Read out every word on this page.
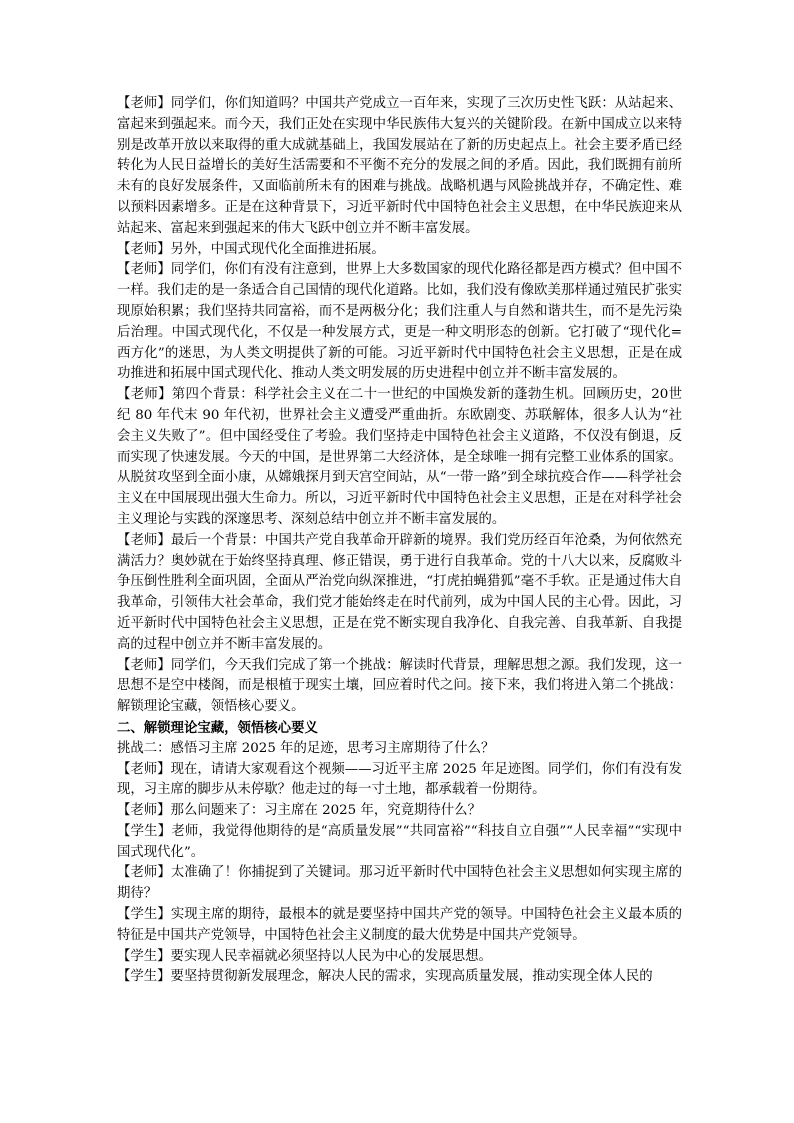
【老师】同学们，你们知道吗？中国共产党成立一百年来，实现了三次历史性飞跃：从站起来、富起来到强起来。而今天，我们正处在实现中华民族伟大复兴的关键阶段。在新中国成立以来特别是改革开放以来取得的重大成就基础上，我国发展站在了新的历史起点上。社会主要矛盾已经转化为人民日益增长的美好生活需要和不平衡不充分的发展之间的矛盾。因此，我们既拥有前所未有的良好发展条件，又面临前所未有的困难与挑战。战略机遇与风险挑战并存，不确定性、难以预料因素增多。正是在这种背景下，习近平新时代中国特色社会主义思想，在中华民族迎来从站起来、富起来到强起来的伟大飞跃中创立并不断丰富发展。

【老师】另外，中国式现代化全面推进拓展。

【老师】同学们，你们有没有注意到，世界上大多数国家的现代化路径都是西方模式？但中国不一样。我们走的是一条适合自己国情的现代化道路。比如，我们没有像欧美那样通过殖民扩张实现原始积累；我们坚持共同富裕，而不是两极分化；我们注重人与自然和谐共生，而不是先污染后治理。中国式现代化，不仅是一种发展方式，更是一种文明形态的创新。它打破了“现代化=西方化”的迷思，为人类文明提供了新的可能。习近平新时代中国特色社会主义思想，正是在成功推进和拓展中国式现代化、推动人类文明发展的历史进程中创立并不断丰富发展的。

【老师】第四个背景：科学社会主义在二十一世纪的中国焕发新的蓬勃生机。回顾历史，20世纪 80 年代末 90 年代初，世界社会主义遭受严重曲折。东欧剧变、苏联解体，很多人认为“社会主义失败了”。但中国经受住了考验。我们坚持走中国特色社会主义道路，不仅没有倒退，反而实现了快速发展。今天的中国，是世界第二大经济体，是全球唯一拥有完整工业体系的国家。从脱贫攻坚到全面小康，从嫦娥探月到天宫空间站，从“一带一路”到全球抗疫合作——科学社会主义在中国展现出强大生命力。所以，习近平新时代中国特色社会主义思想，正是在对科学社会主义理论与实践的深邃思考、深刻总结中创立并不断丰富发展的。

【老师】最后一个背景：中国共产党自我革命开辟新的境界。我们党历经百年沧桑，为何依然充满活力？奥妙就在于始终坚持真理、修正错误，勇于进行自我革命。党的十八大以来，反腐败斗争压倒性胜利全面巩固，全面从严治党向纵深推进，“打虎拍蝇猎狐”毫不手软。正是通过伟大自我革命，引领伟大社会革命，我们党才能始终走在时代前列，成为中国人民的主心骨。因此，习近平新时代中国特色社会主义思想，正是在党不断实现自我净化、自我完善、自我革新、自我提高的过程中创立并不断丰富发展的。

【老师】同学们，今天我们完成了第一个挑战：解读时代背景，理解思想之源。我们发现，这一思想不是空中楼阁，而是根植于现实土壤，回应着时代之问。接下来，我们将进入第二个挑战：解锁理论宝藏，领悟核心要义。

二、解锁理论宝藏，领悟核心要义

挑战二：感悟习主席 2025 年的足迹，思考习主席期待了什么？

【老师】现在，请请大家观看这个视频——习近平主席 2025 年足迹图。同学们，你们有没有发现，习主席的脚步从未停歇？他走过的每一寸土地，都承载着一份期待。

【老师】那么问题来了：习主席在 2025 年，究竟期待什么？

【学生】老师，我觉得他期待的是“高质量发展”“共同富裕”“科技自立自强”“人民幸福”“实现中国式现代化”。

【老师】太准确了！你捕捉到了关键词。那习近平新时代中国特色社会主义思想如何实现主席的期待？

【学生】实现主席的期待，最根本的就是要坚持中国共产党的领导。中国特色社会主义最本质的特征是中国共产党领导，中国特色社会主义制度的最大优势是中国共产党领导。

【学生】要实现人民幸福就必须坚持以人民为中心的发展思想。

【学生】要坚持贯彻新发展理念，解决人民的需求，实现高质量发展，推动实现全体人民的
